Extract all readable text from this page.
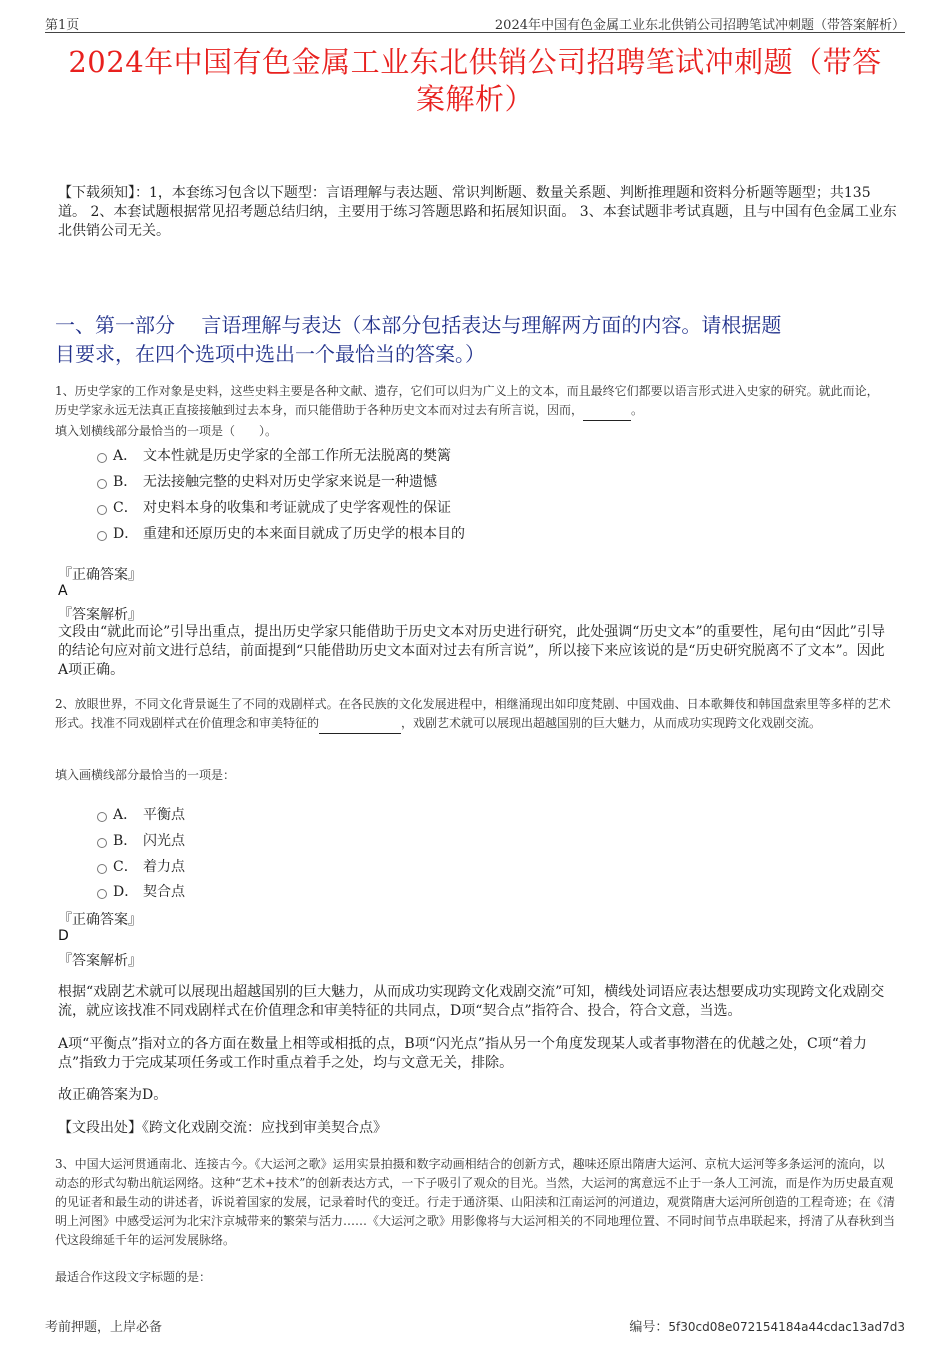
第1页	2024年中国有色金属工业东北供销公司招聘笔试冲刺题（带答案解析）
2024年中国有色金属工业东北供销公司招聘笔试冲刺题（带答
案解析）
【下载须知】：1，本套练习包含以下题型：言语理解与表达题、常识判断题、数量关系题、判断推理题和资料分析题等题型；共135道。 2、本套试题根据常见招考题总结归纳，主要用于练习答题思路和拓展知识面。 3、本套试题非考试真题，且与中国有色金属工业东北供销公司无关。
一、第一部分　 言语理解与表达（本部分包括表达与理解两方面的内容。请根据题
目要求，在四个选项中选出一个最恰当的答案。）
1、历史学家的工作对象是史料，这些史料主要是各种文献、遗存，它们可以归为广义上的文本，而且最终它们都要以语言形式进入史家的研究。就此而论，历史学家永远无法真正直接接触到过去本身，而只能借助于各种历史文本而对过去有所言说，因而，	。
填入划横线部分最恰当的一项是（　　）。
A． 文本性就是历史学家的全部工作所无法脱离的樊篱
B． 无法接触完整的史料对历史学家来说是一种遗憾
C． 对史料本身的收集和考证就成了史学客观性的保证
D． 重建和还原历史的本来面目就成了历史学的根本目的
『正确答案』
A
『答案解析』
文段由“就此而论”引导出重点，提出历史学家只能借助于历史文本对历史进行研究，此处强调“历史文本”的重要性，尾句由“因此”引导的结论句应对前文进行总结，前面提到“只能借助历史文本面对过去有所言说”，所以接下来应该说的是“历史研究脱离不了文本”。因此A项正确。
2、放眼世界，不同文化背景诞生了不同的戏剧样式。在各民族的文化发展进程中，相继涌现出如印度梵剧、中国戏曲、日本歌舞伎和韩国盘索里等多样的艺术形式。找准不同戏剧样式在价值理念和审美特征的	，戏剧艺术就可以展现出超越国别的巨大魅力，从而成功实现跨文化戏剧交流。
填入画横线部分最恰当的一项是：
A． 平衡点
B． 闪光点
C． 着力点
D． 契合点
『正确答案』
D
『答案解析』
根据“戏剧艺术就可以展现出超越国别的巨大魅力，从而成功实现跨文化戏剧交流”可知，横线处词语应表达想要成功实现跨文化戏剧交流，就应该找准不同戏剧样式在价值理念和审美特征的共同点，D项“契合点”指符合、投合，符合文意，当选。
A项“平衡点”指对立的各方面在数量上相等或相抵的点，B项“闪光点”指从另一个角度发现某人或者事物潜在的优越之处，C项“着力点”指致力于完成某项任务或工作时重点着手之处，均与文意无关，排除。
故正确答案为D。
【文段出处】《跨文化戏剧交流：应找到审美契合点》
3、中国大运河贯通南北、连接古今。《大运河之歌》运用实景拍摄和数字动画相结合的创新方式，趣味还原出隋唐大运河、京杭大运河等多条运河的流向，以动态的形式勾勒出航运网络。这种“艺术+技术”的创新表达方式，一下子吸引了观众的目光。当然，大运河的寓意远不止于一条人工河流，而是作为历史最直观的见证者和最生动的讲述者，诉说着国家的发展，记录着时代的变迁。行走于通济渠、山阳渎和江南运河的河道边，观赏隋唐大运河所创造的工程奇迹；在《清明上河图》中感受运河为北宋汴京城带来的繁荣与活力……《大运河之歌》用影像将与大运河相关的不同地理位置、不同时间节点串联起来，捋清了从春秋到当代这段绵延千年的运河发展脉络。
最适合作这段文字标题的是：
考前押题，上岸必备	编号：5f30cd08e072154184a44cdac13ad7d3
